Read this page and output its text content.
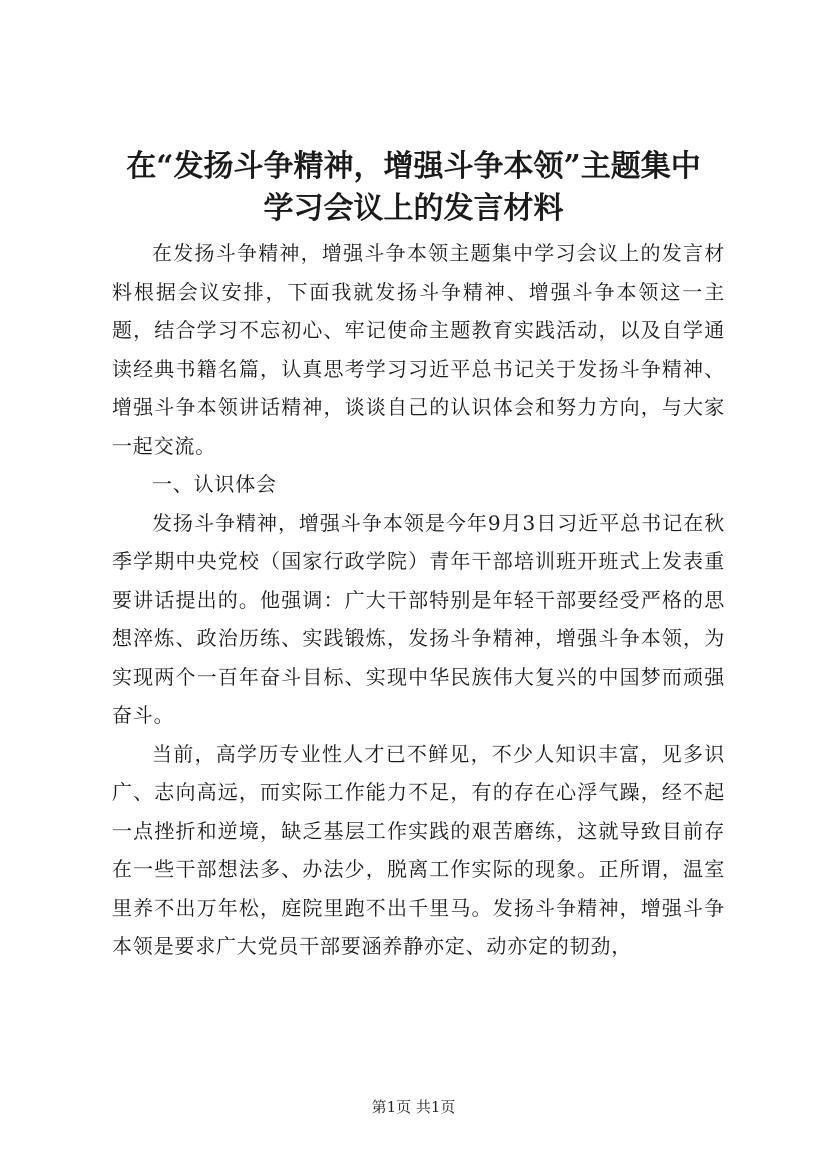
在“发扬斗争精神，增强斗争本领”主题集中
学习会议上的发言材料

在发扬斗争精神，增强斗争本领主题集中学习会议上的发言材料根据会议安排，下面我就发扬斗争精神、增强斗争本领这一主题，结合学习不忘初心、牢记使命主题教育实践活动，以及自学通读经典书籍名篇，认真思考学习习近平总书记关于发扬斗争精神、增强斗争本领讲话精神，谈谈自己的认识体会和努力方向，与大家一起交流。

一、认识体会

发扬斗争精神，增强斗争本领是今年9月3日习近平总书记在秋季学期中央党校（国家行政学院）青年干部培训班开班式上发表重要讲话提出的。他强调：广大干部特别是年轻干部要经受严格的思想淬炼、政治历练、实践锻炼，发扬斗争精神，增强斗争本领，为实现两个一百年奋斗目标、实现中华民族伟大复兴的中国梦而顽强奋斗。

当前，高学历专业性人才已不鲜见，不少人知识丰富，见多识广、志向高远，而实际工作能力不足，有的存在心浮气躁，经不起一点挫折和逆境，缺乏基层工作实践的艰苦磨练，这就导致目前存在一些干部想法多、办法少，脱离工作实际的现象。正所谓，温室里养不出万年松，庭院里跑不出千里马。发扬斗争精神，增强斗争本领是要求广大党员干部要涵养静亦定、动亦定的韧劲，

第1页 共1页
